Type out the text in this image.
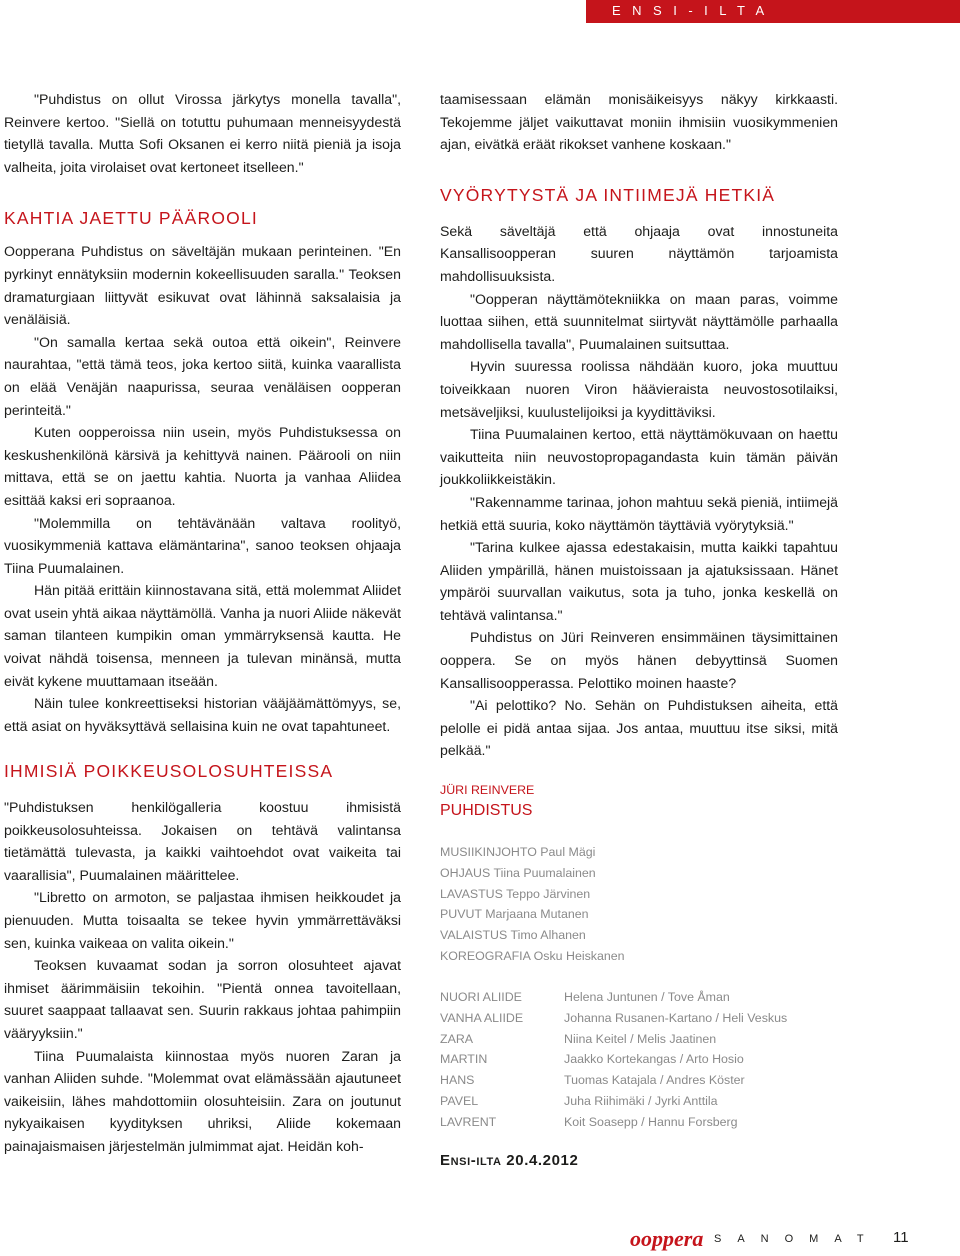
ENSI-ILTA

"Puhdistus on ollut Virossa järkytys monella tavalla", Reinvere kertoo. "Siellä on totuttu puhumaan menneisyydestä tietyllä tavalla. Mutta Sofi Oksanen ei kerro niitä pieniä ja isoja valheita, joita virolaiset ovat kertoneet itselleen."

KAHTIA JAETTU PÄÄROOLI

Oopperana Puhdistus on säveltäjän mukaan perinteinen. "En pyrkinyt ennätyksiin modernin kokeellisuuden saralla." Teoksen dramaturgiaan liittyvät esikuvat ovat lähinnä saksalaisia ja venäläisiä.

"On samalla kertaa sekä outoa että oikein", Reinvere naurahtaa, "että tämä teos, joka kertoo siitä, kuinka vaarallista on elää Venäjän naapurissa, seuraa venäläisen oopperan perinteitä."

Kuten oopperoissa niin usein, myös Puhdistuksessa on keskushenkilönä kärsivä ja kehittyvä nainen. Päärooli on niin mittava, että se on jaettu kahtia. Nuorta ja vanhaa Aliidea esittää kaksi eri sopraanoa.

"Molemmilla on tehtävänään valtava roolityö, vuosikymmeniä kattava elämäntarina", sanoo teoksen ohjaaja Tiina Puumalainen.

Hän pitää erittäin kiinnostavana sitä, että molemmat Aliidet ovat usein yhtä aikaa näyttämöllä. Vanha ja nuori Aliide näkevät saman tilanteen kumpikin oman ymmärryksensä kautta. He voivat nähdä toisensa, menneen ja tulevan minänsä, mutta eivät kykene muuttamaan itseään.

Näin tulee konkreettiseksi historian vääjäämättömyys, se, että asiat on hyväksyttävä sellaisina kuin ne ovat tapahtuneet.

IHMISIÄ POIKKEUSOLOSUHTEISSA

"Puhdistuksen henkilögalleria koostuu ihmisistä poikkeusolosuhteissa. Jokaisen on tehtävä valintansa tietämättä tulevasta, ja kaikki vaihtoehdot ovat vaikeita tai vaarallisia", Puumalainen määrittelee.

"Libretto on armoton, se paljastaa ihmisen heikkoudet ja pienuuden. Mutta toisaalta se tekee hyvin ymmärrettäväksi sen, kuinka vaikeaa on valita oikein."

Teoksen kuvaamat sodan ja sorron olosuhteet ajavat ihmiset äärimmäisiin tekoihin. "Pientä onnea tavoitellaan, suuret saappaat tallaavat sen. Suurin rakkaus johtaa pahimpiin vääryyksiin."

Tiina Puumalaista kiinnostaa myös nuoren Zaran ja vanhan Aliiden suhde. "Molemmat ovat elämässään ajautuneet vaikeisiin, lähes mahdottomiin olosuhteisiin. Zara on joutunut nykyaikaisen kyydityksen uhriksi, Aliide kokemaan painajaismaisen järjestelmän julmimmat ajat. Heidän koh-

taamisessaan elämän monisäikeisyys näkyy kirkkaasti. Tekojemme jäljet vaikuttavat moniin ihmisiin vuosikymmenien ajan, eivätkä eräät rikokset vanhene koskaan."

VYÖRYTYSTÄ JA INTIIMEJÄ HETKIÄ

Sekä säveltäjä että ohjaaja ovat innostuneita Kansallisoopperan suuren näyttämön tarjoamista mahdollisuuksista.

"Oopperan näyttämötekniikka on maan paras, voimme luottaa siihen, että suunnitelmat siirtyvät näyttämölle parhaalla mahdollisella tavalla", Puumalainen suitsuttaa.

Hyvin suuressa roolissa nähdään kuoro, joka muuttuu toiveikkaan nuoren Viron häävieraista neuvostosotilaiksi, metsäveljiksi, kuulustelijoiksi ja kyydittäviksi.

Tiina Puumalainen kertoo, että näyttämökuvaan on haettu vaikutteita niin neuvostopropagandasta kuin tämän päivän joukkoliikkeistäkin.

"Rakennamme tarinaa, johon mahtuu sekä pieniä, intiimejä hetkiä että suuria, koko näyttämön täyttäviä vyörytyksiä."

"Tarina kulkee ajassa edestakaisin, mutta kaikki tapahtuu Aliiden ympärillä, hänen muistoissaan ja ajatuksissaan. Hänet ympäröi suurvallan vaikutus, sota ja tuho, jonka keskellä on tehtävä valintansa."

Puhdistus on Jüri Reinveren ensimmäinen täysimittainen ooppera. Se on myös hänen debyyttinsä Suomen Kansallisoopperassa. Pelottiko moinen haaste?

"Ai pelottiko? No. Sehän on Puhdistuksen aiheita, että pelolle ei pidä antaa sijaa. Jos antaa, muuttuu itse siksi, mitä pelkää."

JÜRI REINVERE
PUHDISTUS
MUSIIKINJOHTO Paul Mägi
OHJAUS Tiina Puumalainen
LAVASTUS Teppo Järvinen
PUVUT Marjaana Mutanen
VALAISTUS Timo Alhanen
KOREOGRAFIA Osku Heiskanen
NUORI ALIIDE	Helena Juntunen / Tove Åman
VANHA ALIIDE	Johanna Rusanen-Kartano / Heli Veskus
ZARA	Niina Keitel / Melis Jaatinen
MARTIN	Jaakko Kortekangas / Arto Hosio
HANS	Tuomas Katajala / Andres Köster
PAVEL	Juha Riihimäki / Jyrki Anttila
LAVRENT	Koit Soasepp / Hannu Forsberg
Ensi-ilta 20.4.2012
ooppera SANOMAT 11
